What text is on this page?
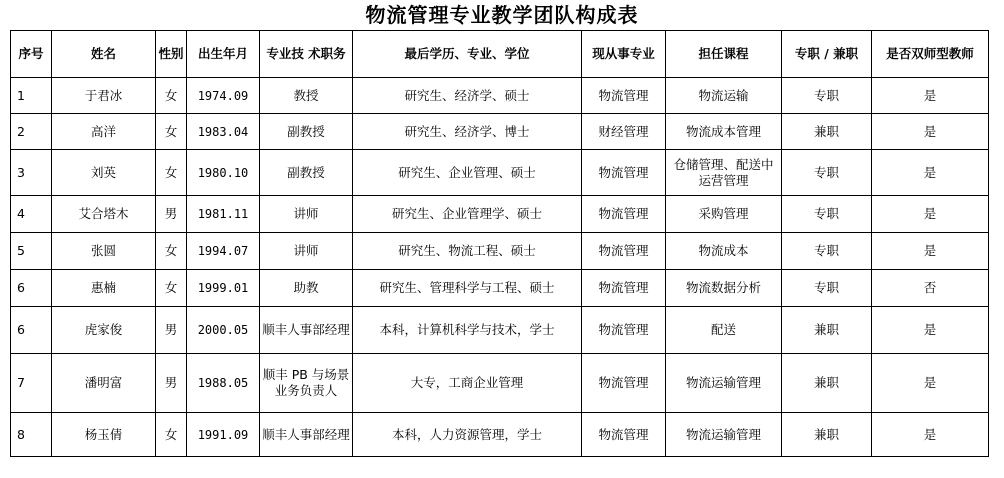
物流管理专业教学团队构成表
序号	姓名	性别	出生年月	专业技 术职务	最后学历、专业、学位	现从事专业	担任课程	专职 / 兼职	是否双师型教师
1	于君冰	女	1974.09	教授	研究生、经济学、硕士	物流管理	物流运输	专职	是
2	高洋	女	1983.04	副教授	研究生、经济学、博士	财经管理	物流成本管理	兼职	是
3	刘英	女	1980.10	副教授	研究生、企业管理、硕士	物流管理	仓储管理、配送中运营管理	专职	是
4	艾合塔木	男	1981.11	讲师	研究生、企业管理学、硕士	物流管理	采购管理	专职	是
5	张圆	女	1994.07	讲师	研究生、物流工程、硕士	物流管理	物流成本	专职	是
6	惠楠	女	1999.01	助教	研究生、管理科学与工程、硕士	物流管理	物流数据分析	专职	否
6	虎家俊	男	2000.05	顺丰人事部经理	本科，计算机科学与技术，学士	物流管理	配送	兼职	是
7	潘明富	男	1988.05	顺丰 PB 与场景业务负责人	大专，工商企业管理	物流管理	物流运输管理	兼职	是
8	杨玉倩	女	1991.09	顺丰人事部经理	本科，人力资源管理，学士	物流管理	物流运输管理	兼职	是
